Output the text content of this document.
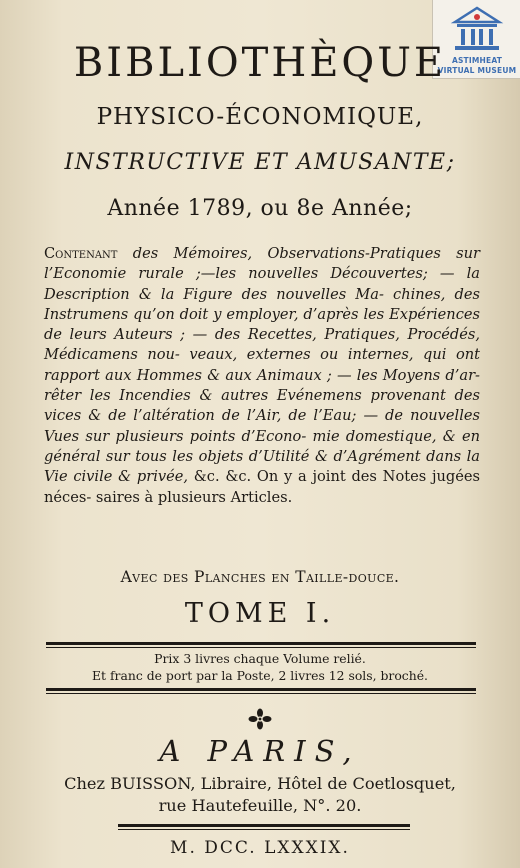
ASTIMHEAT
VIRTUAL MUSEUM
BIBLIOTHÈQUE
PHYSICO-ÉCONOMIQUE,
INSTRUCTIVE ET AMUSANTE;
Année 1789, ou 8e Année;
Contenant des Mémoires, Observations-Pratiques sur l’Economie rurale ;—les nouvelles Découvertes; — la Description & la Figure des nouvelles Ma- chines, des Instrumens qu’on doit y employer, d’après les Expériences de leurs Auteurs ; — des Recettes, Pratiques, Procédés, Médicamens nou- veaux, externes ou internes, qui ont rapport aux Hommes & aux Animaux ; — les Moyens d’ar- rêter les Incendies & autres Evénemens provenant des vices & de l’altération de l’Air, de l’Eau; — de nouvelles Vues sur plusieurs points d’Econo- mie domestique, & en général sur tous les objets d’Utilité & d’Agrément dans la Vie civile & privée, &c. &c. On y a joint des Notes jugées néces- saires à plusieurs Articles.
Avec des Planches en Taille-douce.
TOME I.
Prix 3 livres chaque Volume relié.
Et franc de port par la Poste, 2 livres 12 sols, broché.
A PARIS,
Chez BUISSON, Libraire, Hôtel de Coetlosquet,
rue Hautefeuille, N°. 20.
M. DCC. LXXXIX.
